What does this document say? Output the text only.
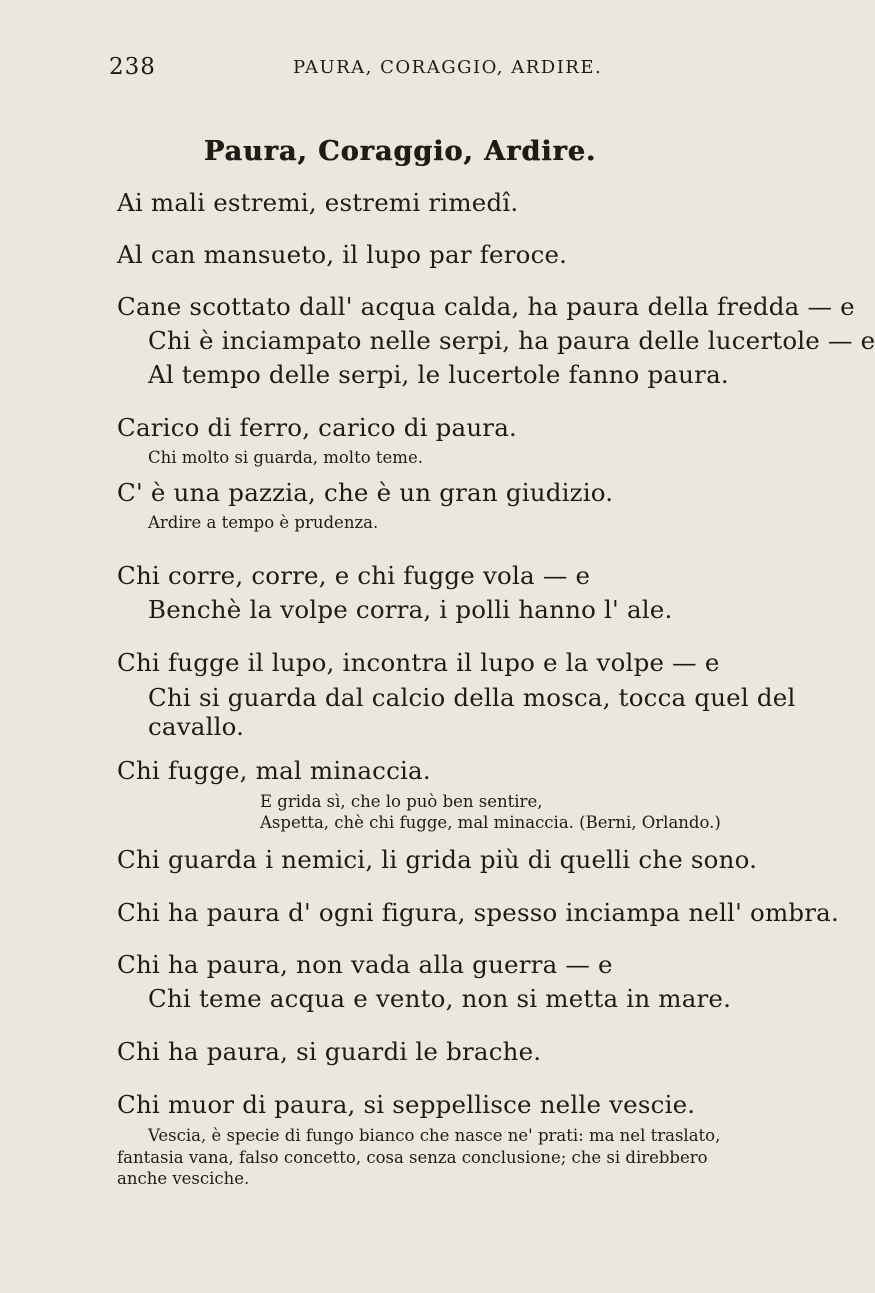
238	PAURA, CORAGGIO, ARDIRE.
Paura, Coraggio, Ardire.
Ai mali estremi, estremi rimedî.
Al can mansueto, il lupo par feroce.
Cane scottato dall' acqua calda, ha paura della fredda — e
Chi è inciampato nelle serpi, ha paura delle lucertole — e
Al tempo delle serpi, le lucertole fanno paura.
Carico di ferro, carico di paura.
Chi molto si guarda, molto teme.
C' è una pazzia, che è un gran giudizio.
Ardire a tempo è prudenza.
Chi corre, corre, e chi fugge vola — e
Benchè la volpe corra, i polli hanno l' ale.
Chi fugge il lupo, incontra il lupo e la volpe — e
Chi si guarda dal calcio della mosca, tocca quel del
cavallo.
Chi fugge, mal minaccia.
E grida sì, che lo può ben sentire,
Aspetta, chè chi fugge, mal minaccia. (Berni, Orlando.)
Chi guarda i nemici, li grida più di quelli che sono.
Chi ha paura d' ogni figura, spesso inciampa nell' ombra.
Chi ha paura, non vada alla guerra — e
Chi teme acqua e vento, non si metta in mare.
Chi ha paura, si guardi le brache.
Chi muor di paura, si seppellisce nelle vescie.
Vescia, è specie di fungo bianco che nasce ne' prati: ma nel traslato,
fantasia vana, falso concetto, cosa senza conclusione; che si direbbero
anche vesciche.
